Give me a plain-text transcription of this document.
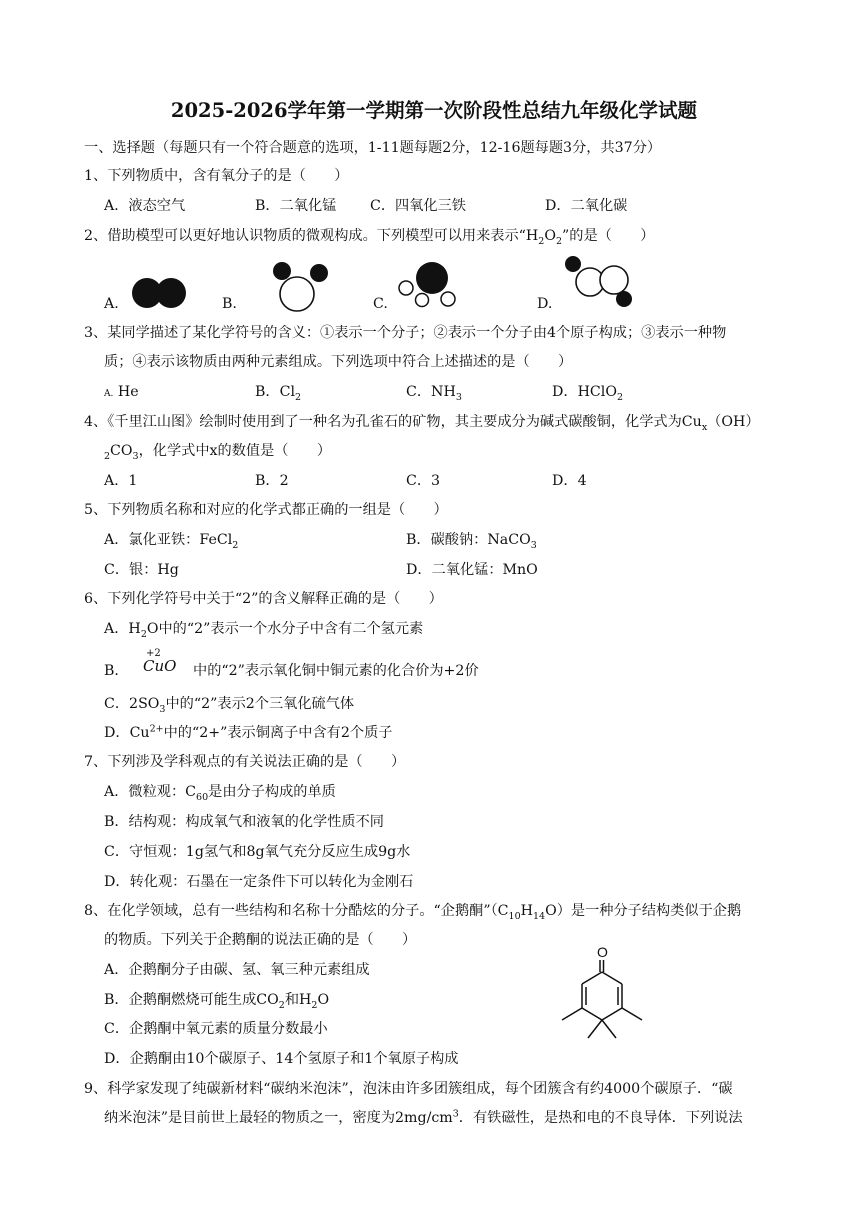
2025-2026学年第一学期第一次阶段性总结九年级化学试题
一、选择题（每题只有一个符合题意的选项，1-11题每题2分，12-16题每题3分，共37分）
1、下列物质中，含有氧分子的是（　　）
A．液态空气	B．二氧化锰 C．四氧化三铁	D．二氧化碳
2、借助模型可以更好地认识物质的微观构成。下列模型可以用来表示“$H_2O_2$”的是（　　）
A.	B.	C.	D.
3、某同学描述了某化学符号的含义：①表示一个分子；②表示一个分子由4个原子构成；③表示一种物
质；④表示该物质由两种元素组成。下列选项中符合上述描述的是（　　）
A. He	B．$Cl_2$	C．$NH_3$	D．HClO$_2$
4、《千里江山图》绘制时使用到了一种名为孔雀石的矿物，其主要成分为碱式碳酸铜，化学式为$Cu_x(OH)$
$_2CO_3$，化学式中x的数值是（　　）
A．1	B．2	C．3	D．4
5、下列物质名称和对应的化学式都正确的一组是（　　）
A．氯化亚铁：FeCl$_2$	B．碳酸钠：NaCO$_3$
C．银：Hg	D．二氧化锰：MnO
6、下列化学符号中关于“2”的含义解释正确的是（　　）
A．$H_2O$中的“2”表示一个水分子中含有二个氢元素
B．
+2
CuO 中的“2”表示氧化铜中铜元素的化合价为+2价
C．$2SO_3$中的“2”表示2个三氧化硫气体
D．$Cu^{2+}$中的“2+”表示铜离子中含有2个质子
7、下列涉及学科观点的有关说法正确的是（　　）
A．微粒观：$C_{60}$是由分子构成的单质
B．结构观：构成氧气和液氧的化学性质不同
C．守恒观：1g氢气和8g氧气充分反应生成9g水
D．转化观：石墨在一定条件下可以转化为金刚石
8、在化学领域，总有一些结构和名称十分酷炫的分子。“企鹅酮$”(C_{10}H_{14}O)$是一种分子结构类似于企鹅
的物质。下列关于企鹅酮的说法正确的是（　　）
A．企鹅酮分子由碳、氢、氧三种元素组成
B．企鹅酮燃烧可能生成$CO_2$和$H_2O$
C．企鹅酮中氧元素的质量分数最小
D．企鹅酮由10个碳原子、14个氢原子和1个氧原子构成
O
9、科学家发现了纯碳新材料“碳纳米泡沫”，泡沫由许多团簇组成，每个团簇含有约4000个碳原子．“碳
纳米泡沫”是目前世上最轻的物质之一，密度为$2mg/cm^3$．有铁磁性，是热和电的不良导体．下列说法
